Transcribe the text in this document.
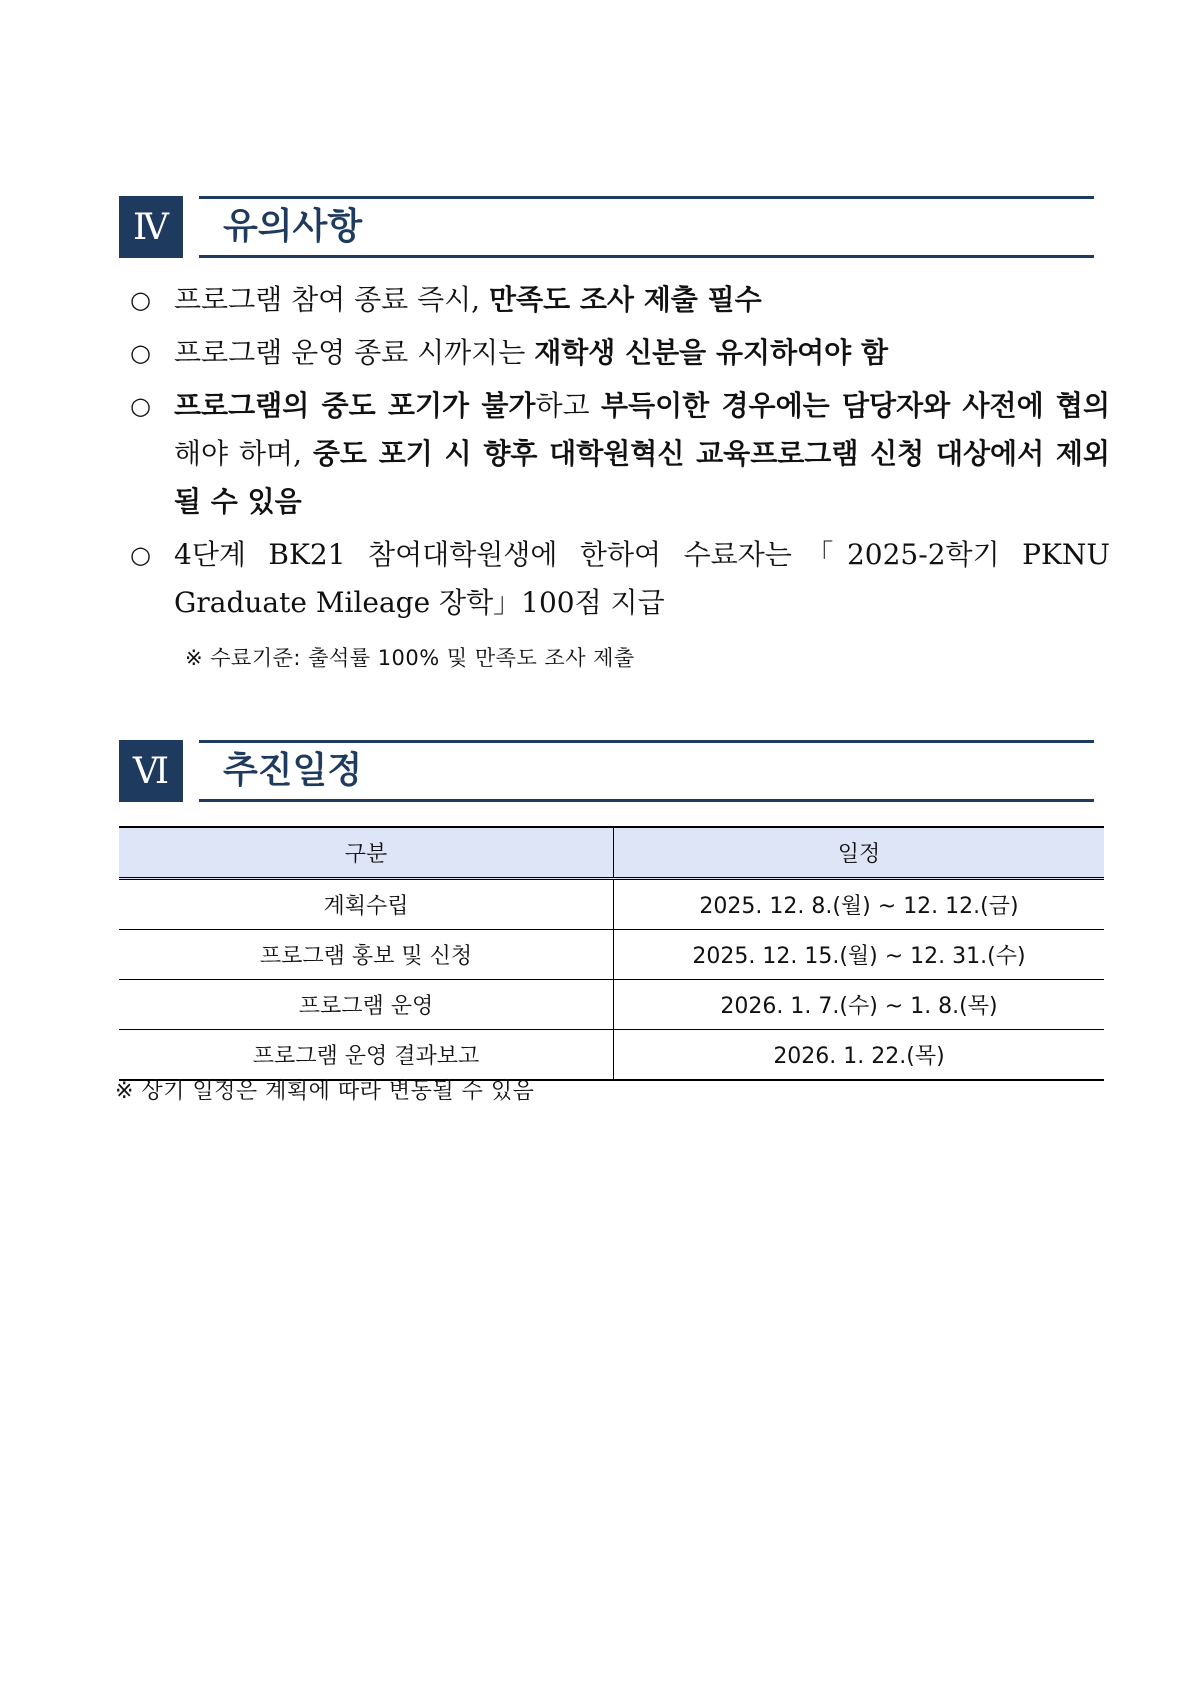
Ⅳ	유의사항
○ 프로그램 참여 종료 즉시, 만족도 조사 제출 필수
○ 프로그램 운영 종료 시까지는 재학생 신분을 유지하여야 함
○ 프로그램의 중도 포기가 불가하고 부득이한 경우에는 담당자와 사전에 협의해야 하며, 중도 포기 시 향후 대학원혁신 교육프로그램 신청 대상에서 제외될 수 있음
○ 4단계 BK21 참여대학원생에 한하여 수료자는「2025-2학기 PKNU Graduate Mileage 장학」100점 지급
※ 수료기준: 출석률 100% 및 만족도 조사 제출
Ⅵ	추진일정
구분	일정
계획수립	2025. 12. 8.(월) ~ 12. 12.(금)
프로그램 홍보 및 신청	2025. 12. 15.(월) ~ 12. 31.(수)
프로그램 운영	2026. 1. 7.(수) ~ 1. 8.(목)
프로그램 운영 결과보고	2026. 1. 22.(목)
※ 상기 일정은 계획에 따라 변동될 수 있음
